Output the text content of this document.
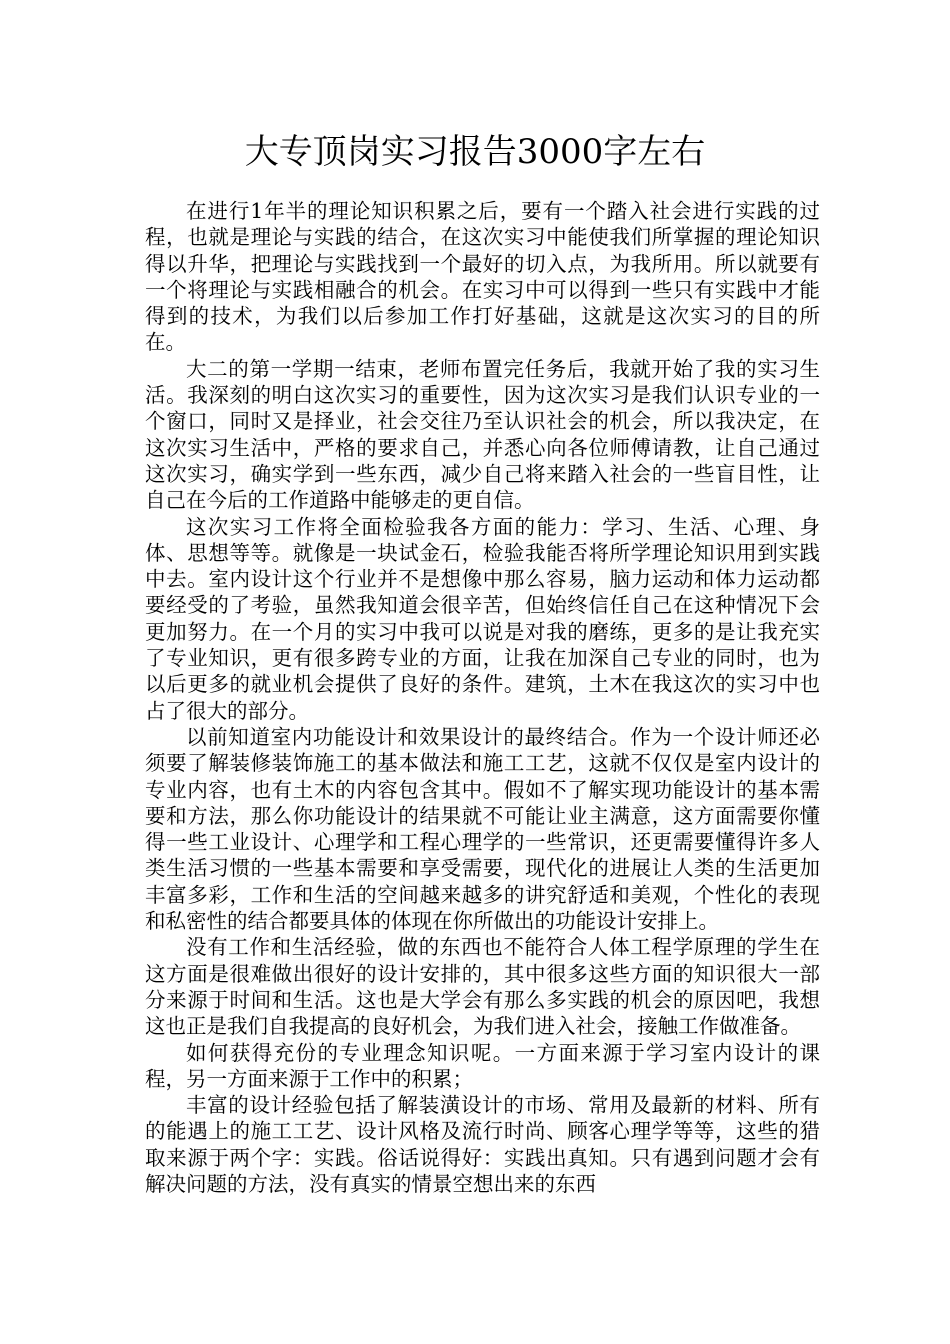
大专顶岗实习报告3000字左右

在进行1年半的理论知识积累之后，要有一个踏入社会进行实践的过程，也就是理论与实践的结合，在这次实习中能使我们所掌握的理论知识得以升华，把理论与实践找到一个最好的切入点，为我所用。所以就要有一个将理论与实践相融合的机会。在实习中可以得到一些只有实践中才能得到的技术，为我们以后参加工作打好基础，这就是这次实习的目的所在。

大二的第一学期一结束，老师布置完任务后，我就开始了我的实习生活。我深刻的明白这次实习的重要性，因为这次实习是我们认识专业的一个窗口，同时又是择业，社会交往乃至认识社会的机会，所以我决定，在这次实习生活中，严格的要求自己，并悉心向各位师傅请教，让自己通过这次实习，确实学到一些东西，减少自己将来踏入社会的一些盲目性，让自己在今后的工作道路中能够走的更自信。

这次实习工作将全面检验我各方面的能力：学习、生活、心理、身体、思想等等。就像是一块试金石，检验我能否将所学理论知识用到实践中去。室内设计这个行业并不是想像中那么容易，脑力运动和体力运动都要经受的了考验，虽然我知道会很辛苦，但始终信任自己在这种情况下会更加努力。在一个月的实习中我可以说是对我的磨练，更多的是让我充实了专业知识，更有很多跨专业的方面，让我在加深自己专业的同时，也为以后更多的就业机会提供了良好的条件。建筑，土木在我这次的实习中也占了很大的部分。

以前知道室内功能设计和效果设计的最终结合。作为一个设计师还必须要了解装修装饰施工的基本做法和施工工艺，这就不仅仅是室内设计的专业内容，也有土木的内容包含其中。假如不了解实现功能设计的基本需要和方法，那么你功能设计的结果就不可能让业主满意，这方面需要你懂得一些工业设计、心理学和工程心理学的一些常识，还更需要懂得许多人类生活习惯的一些基本需要和享受需要，现代化的进展让人类的生活更加丰富多彩，工作和生活的空间越来越多的讲究舒适和美观，个性化的表现和私密性的结合都要具体的体现在你所做出的功能设计安排上。

没有工作和生活经验，做的东西也不能符合人体工程学原理的学生在这方面是很难做出很好的设计安排的，其中很多这些方面的知识很大一部分来源于时间和生活。这也是大学会有那么多实践的机会的原因吧，我想这也正是我们自我提高的良好机会，为我们进入社会，接触工作做准备。

如何获得充份的专业理念知识呢。一方面来源于学习室内设计的课程，另一方面来源于工作中的积累；

丰富的设计经验包括了解装潢设计的市场、常用及最新的材料、所有的能遇上的施工工艺、设计风格及流行时尚、顾客心理学等等，这些的猎取来源于两个字：实践。俗话说得好：实践出真知。只有遇到问题才会有解决问题的方法，没有真实的情景空想出来的东西
